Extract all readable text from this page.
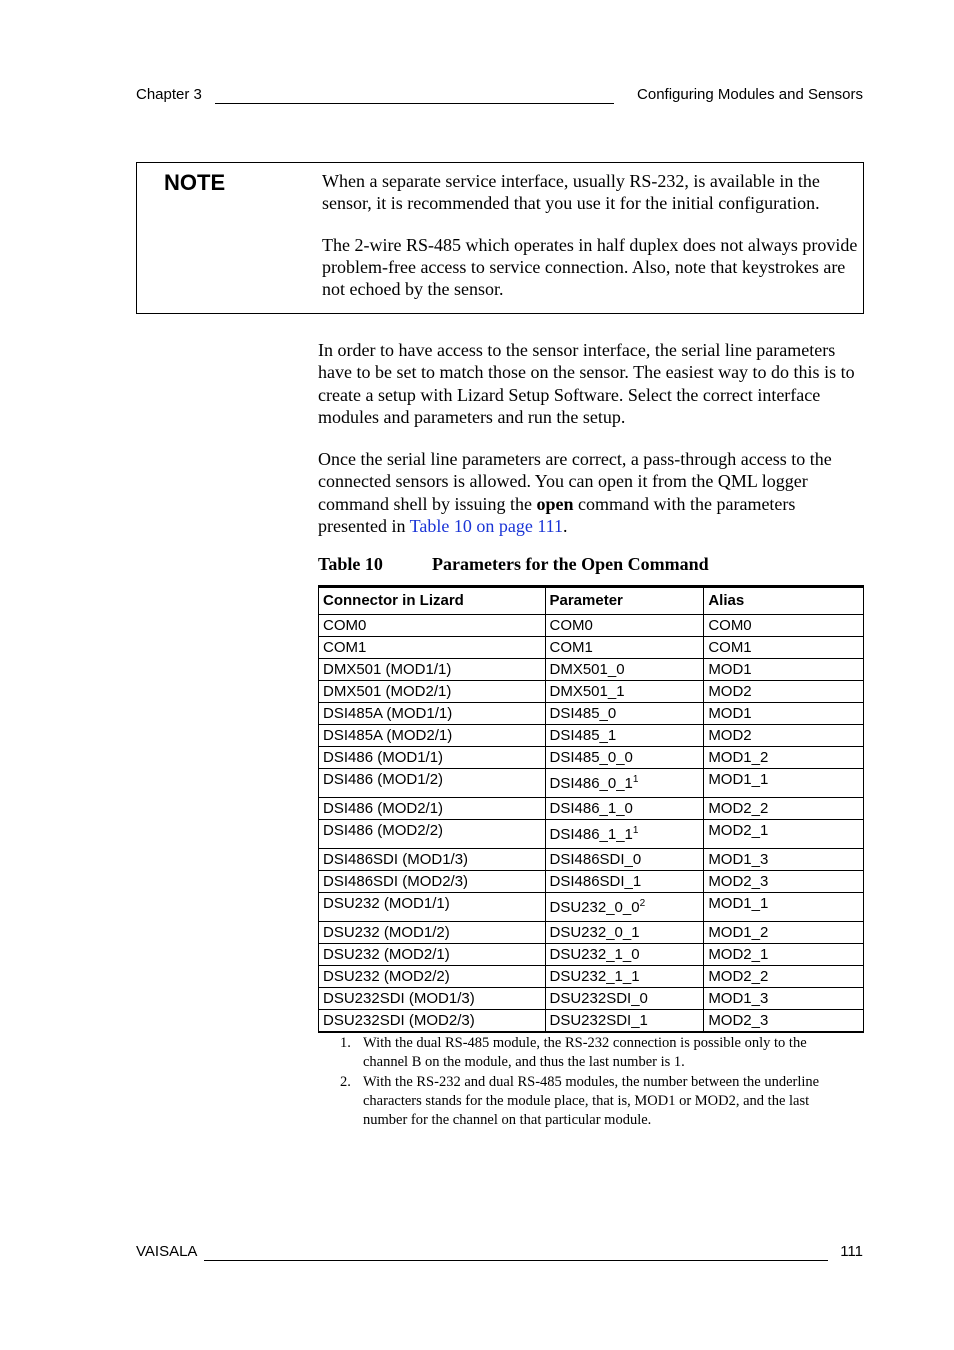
Chapter 3	Configuring Modules and Sensors
NOTE	When a separate service interface, usually RS-232, is available in the sensor, it is recommended that you use it for the initial configuration.

The 2-wire RS-485 which operates in half duplex does not always provide problem-free access to service connection. Also, note that keystrokes are not echoed by the sensor.

In order to have access to the sensor interface, the serial line parameters have to be set to match those on the sensor. The easiest way to do this is to create a setup with Lizard Setup Software. Select the correct interface modules and parameters and run the setup.

Once the serial line parameters are correct, a pass-through access to the connected sensors is allowed. You can open it from the QML logger command shell by issuing the open command with the parameters presented in Table 10 on page 111.

Table 10	Parameters for the Open Command
Connector in Lizard	Parameter	Alias
COM0	COM0	COM0
COM1	COM1	COM1
DMX501 (MOD1/1)	DMX501_0	MOD1
DMX501 (MOD2/1)	DMX501_1	MOD2
DSI485A (MOD1/1)	DSI485_0	MOD1
DSI485A (MOD2/1)	DSI485_1	MOD2
DSI486 (MOD1/1)	DSI485_0_0	MOD1_2
DSI486 (MOD1/2)	$DSI486\_0\_1^1$	MOD1_1
DSI486 (MOD2/1)	DSI486_1_0	MOD2_2
DSI486 (MOD2/2)	$DSI486\_1\_1^1$	MOD2_1
DSI486SDI (MOD1/3)	DSI486SDI_0	MOD1_3
DSI486SDI (MOD2/3)	DSI486SDI_1	MOD2_3
DSU232 (MOD1/1)	$DSU232\_0\_0^2$	MOD1_1
DSU232 (MOD1/2)	DSU232_0_1	MOD1_2
DSU232 (MOD2/1)	DSU232_1_0	MOD2_1
DSU232 (MOD2/2)	DSU232_1_1	MOD2_2
DSU232SDI (MOD1/3)	DSU232SDI_0	MOD1_3
DSU232SDI (MOD2/3)	DSU232SDI_1	MOD2_3
1. With the dual RS-485 module, the RS-232 connection is possible only to the channel B on the module, and thus the last number is 1.
2. With the RS-232 and dual RS-485 modules, the number between the underline characters stands for the module place, that is, MOD1 or MOD2, and the last number for the channel on that particular module.
VAISALA	111
